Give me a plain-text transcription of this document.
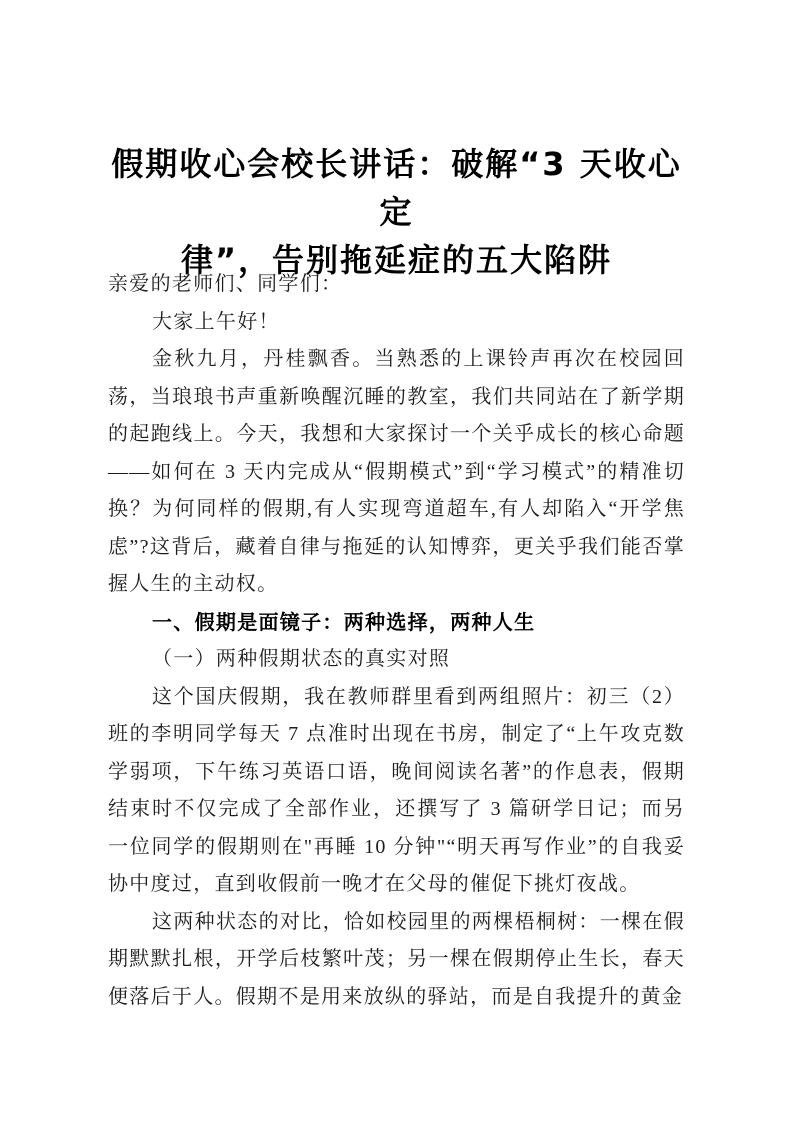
假期收心会校长讲话：破解“3 天收心定
律”，告别拖延症的五大陷阱

亲爱的老师们、同学们：

大家上午好！

金秋九月，丹桂飘香。当熟悉的上课铃声再次在校园回荡，当琅琅书声重新唤醒沉睡的教室，我们共同站在了新学期的起跑线上。今天，我想和大家探讨一个关乎成长的核心命题——如何在 3 天内完成从“假期模式”到“学习模式”的精准切换？为何同样的假期,有人实现弯道超车,有人却陷入“开学焦虑”?这背后，藏着自律与拖延的认知博弈，更关乎我们能否掌握人生的主动权。

一、假期是面镜子：两种选择，两种人生

（一）两种假期状态的真实对照

这个国庆假期，我在教师群里看到两组照片：初三（2）班的李明同学每天 7 点准时出现在书房，制定了“上午攻克数学弱项，下午练习英语口语，晚间阅读名著”的作息表，假期结束时不仅完成了全部作业，还撰写了 3 篇研学日记；而另一位同学的假期则在"再睡 10 分钟"“明天再写作业”的自我妥协中度过，直到收假前一晚才在父母的催促下挑灯夜战。

这两种状态的对比，恰如校园里的两棵梧桐树：一棵在假期默默扎根，开学后枝繁叶茂；另一棵在假期停止生长，春天便落后于人。假期不是用来放纵的驿站，而是自我提升的黄金
